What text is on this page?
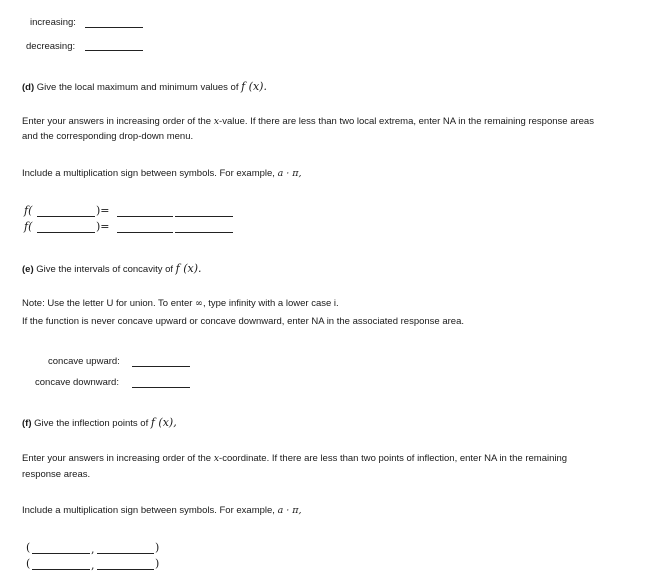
increasing:
decreasing:
(d) Give the local maximum and minimum values of f (x).
Enter your answers in increasing order of the x-value. If there are less than two local extrema, enter NA in the remaining response areas
and the corresponding drop-down menu.
Include a multiplication sign between symbols. For example, a · π,
f(	)=
f(	)=
(e) Give the intervals of concavity of f (x).
Note: Use the letter U for union. To enter ∞, type infinity with a lower case i.
If the function is never concave upward or concave downward, enter NA in the associated response area.
concave upward:
concave downward:
(f) Give the inflection points of f (x),
Enter your answers in increasing order of the x-coordinate. If there are less than two points of inflection, enter NA in the remaining
response areas.
Include a multiplication sign between symbols. For example, a · π,
(	,	)
(	,	)
